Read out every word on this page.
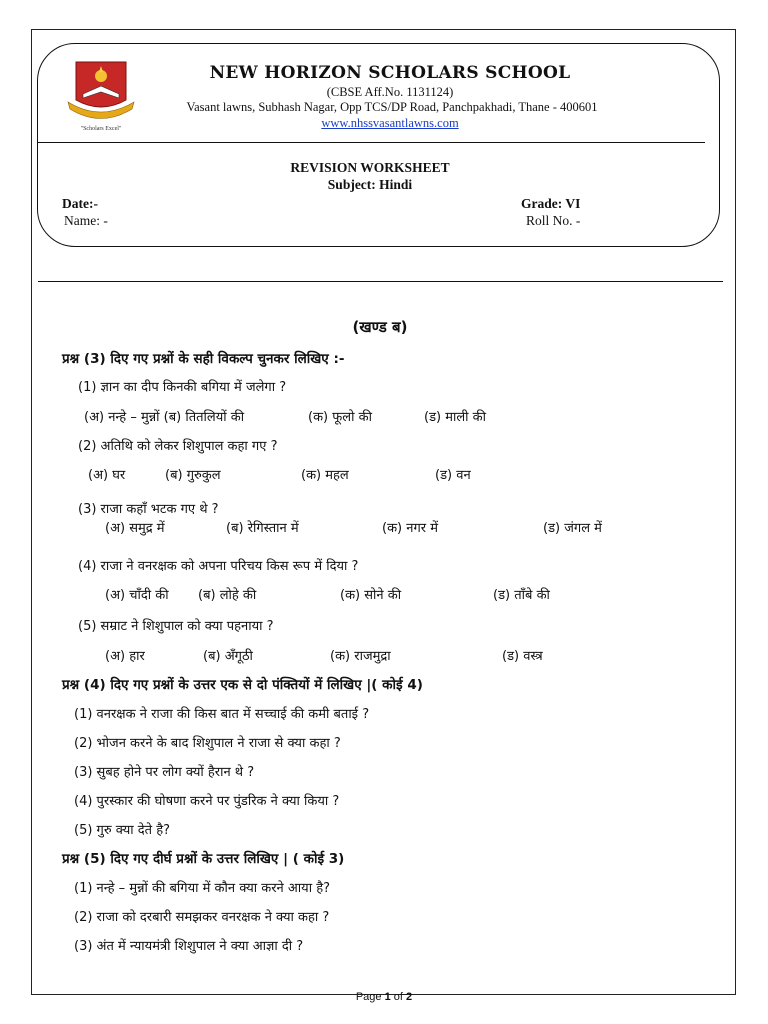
"Scholars Excel"
NEW HORIZON SCHOLARS SCHOOL
(CBSE Aff.No. 1131124)
Vasant lawns, Subhash Nagar, Opp TCS/DP Road, Panchpakhadi, Thane - 400601
www.nhssvasantlawns.com
REVISION WORKSHEET
Subject: Hindi
Date:-	Grade: VI
Name: -	Roll No. -
(खण्ड ब)
प्रश्न (3) दिए गए प्रश्नों के सही विकल्प चुनकर लिखिए :-
(1) ज्ञान का दीप किनकी बगिया में जलेगा ?
(अ) नन्हे – मुन्नों (ब) तितलियों की	(क) फूलो की	(ड) माली की
(2) अतिथि को लेकर शिशुपाल कहा गए ?
(अ) घर	(ब) गुरुकुल	(क) महल	(ड) वन
(3) राजा कहाँ भटक गए थे ?
(अ) समुद्र में	(ब) रेगिस्तान में	(क) नगर में	(ड) जंगल में
(4) राजा ने वनरक्षक को अपना परिचय किस रूप में दिया ?
(अ) चाँदी की (ब) लोहे की	(क) सोने की	(ड) ताँबे की
(5) सम्राट ने शिशुपाल को क्या पहनाया ?
(अ) हार	(ब) अँगूठी	(क) राजमुद्रा	(ड) वस्त्र
प्रश्न (4) दिए गए प्रश्नों के उत्तर एक से दो पंक्तियों में लिखिए |( कोई 4)
(1) वनरक्षक ने राजा की किस बात में सच्चाई की कमी बताई ?
(2) भोजन करने के बाद शिशुपाल ने राजा से क्या कहा ?
(3) सुबह होने पर लोग क्यों हैरान थे ?
(4) पुरस्कार की घोषणा करने पर पुंडरिक ने क्या किया ?
(5) गुरु क्या देते है?
प्रश्न (5) दिए गए दीर्घ प्रश्नों के उत्तर लिखिए | ( कोई 3)
(1) नन्हे – मुन्नों की बगिया में कौन क्या करने आया है?
(2) राजा को दरबारी समझकर वनरक्षक ने क्या कहा ?
(3) अंत में न्यायमंत्री शिशुपाल ने क्या आज्ञा दी ?
Page 1 of 2
